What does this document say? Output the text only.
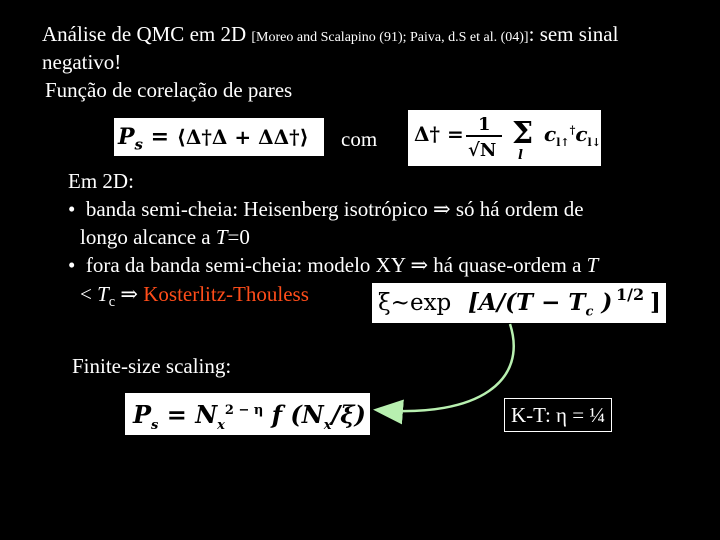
Análise de QMC em 2D [Moreo and Scalapino (91); Paiva, d.S et al. (04)]: sem sinal
negativo!
Função de corelação de pares
$P_s$ = ⟨Δ†Δ + ΔΔ†⟩ com Δ† = 1
√N Σ
l
$c_{l↑}^\dagger c_{l↓}^\dagger$
Em 2D:
• banda semi-cheia: Heisenberg isotrópico ⇒ só há ordem de
longo alcance a T=0
• fora da banda semi-cheia: modelo XY ⇒ há quase-ordem a T
< $T_c$ ⇒ Kosterlitz-Thouless	ξ~exp [$A/(T - T_c$ ) 1/2 ]
Finite-size scaling:
$P_s = N_x^{2 - \eta}$ f $(N_x/\xi)$	K-T: η = ¼
